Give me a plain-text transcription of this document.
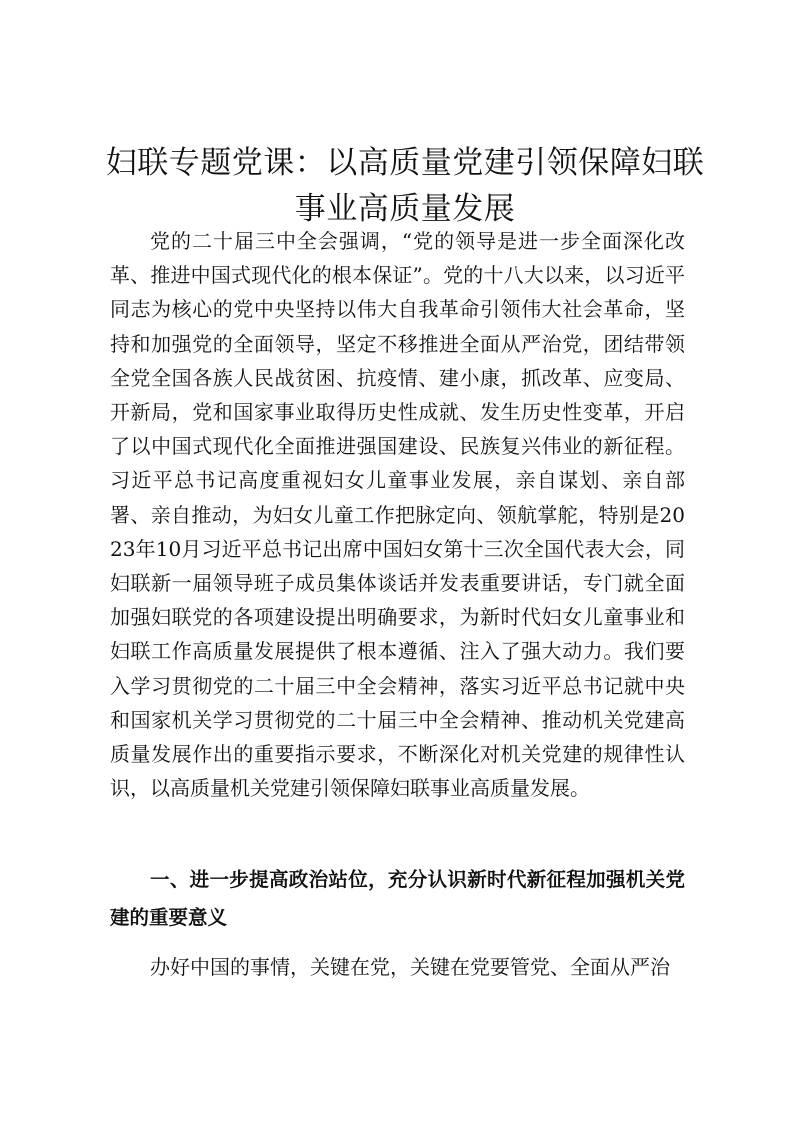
妇联专题党课：以高质量党建引领保障妇联事业高质量发展

党的二十届三中全会强调，“党的领导是进一步全面深化改革、推进中国式现代化的根本保证”。党的十八大以来，以习近平同志为核心的党中央坚持以伟大自我革命引领伟大社会革命，坚持和加强党的全面领导，坚定不移推进全面从严治党，团结带领全党全国各族人民战贫困、抗疫情、建小康，抓改革、应变局、开新局，党和国家事业取得历史性成就、发生历史性变革，开启了以中国式现代化全面推进强国建设、民族复兴伟业的新征程。习近平总书记高度重视妇女儿童事业发展，亲自谋划、亲自部署、亲自推动，为妇女儿童工作把脉定向、领航掌舵，特别是2023年10月习近平总书记出席中国妇女第十三次全国代表大会，同妇联新一届领导班子成员集体谈话并发表重要讲话，专门就全面加强妇联党的各项建设提出明确要求，为新时代妇女儿童事业和妇联工作高质量发展提供了根本遵循、注入了强大动力。我们要入学习贯彻党的二十届三中全会精神，落实习近平总书记就中央和国家机关学习贯彻党的二十届三中全会精神、推动机关党建高质量发展作出的重要指示要求，不断深化对机关党建的规律性认识，以高质量机关党建引领保障妇联事业高质量发展。

一、进一步提高政治站位，充分认识新时代新征程加强机关党建的重要意义

办好中国的事情，关键在党，关键在党要管党、全面从严治
